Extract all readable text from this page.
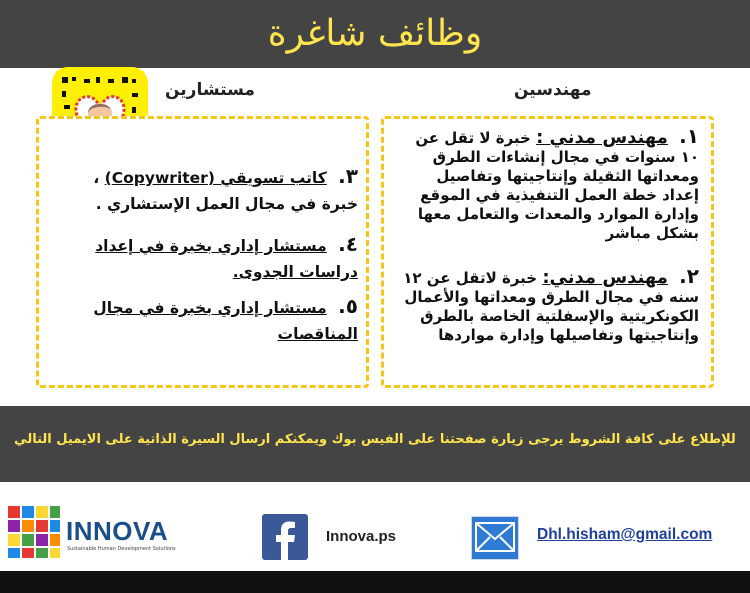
وظائف شاغرة
مهندسين
مستشارين
١. مهندس مدني : خبرة لا تقل عن ١٠ سنوات في مجال إنشاءات الطرق ومعداتها الثقيلة وإنتاجيتها وتفاصيل إعداد خطة العمل التنفيذية في الموقع وإدارة الموارد والمعدات والتعامل معها بشكل مباشر
٢. مهندس مدني: خبرة لاتقل عن ١٢ سنه في مجال الطرق ومعداتها والأعمال الكونكريتية والإسفلتية الخاصة بالطرق وإنتاجيتها وتفاصيلها وإدارة مواردها
٣. كاتب تسويقي (Copywriter) ، خبرة في مجال العمل الإستشاري .
٤. مستشار إداري بخبرة في إعداد دراسات الجدوى.
٥. مستشار إداري بخبرة في مجال المناقصات
للإطلاع على كافة الشروط يرجى زيارة صفحتنا على الفيس بوك ويمكنكم ارسال السيرة الذاتية على الايميل التالي
INNOVA
Sustainable Human Development Solutions
Innova.ps	Dhl.hisham@gmail.com
